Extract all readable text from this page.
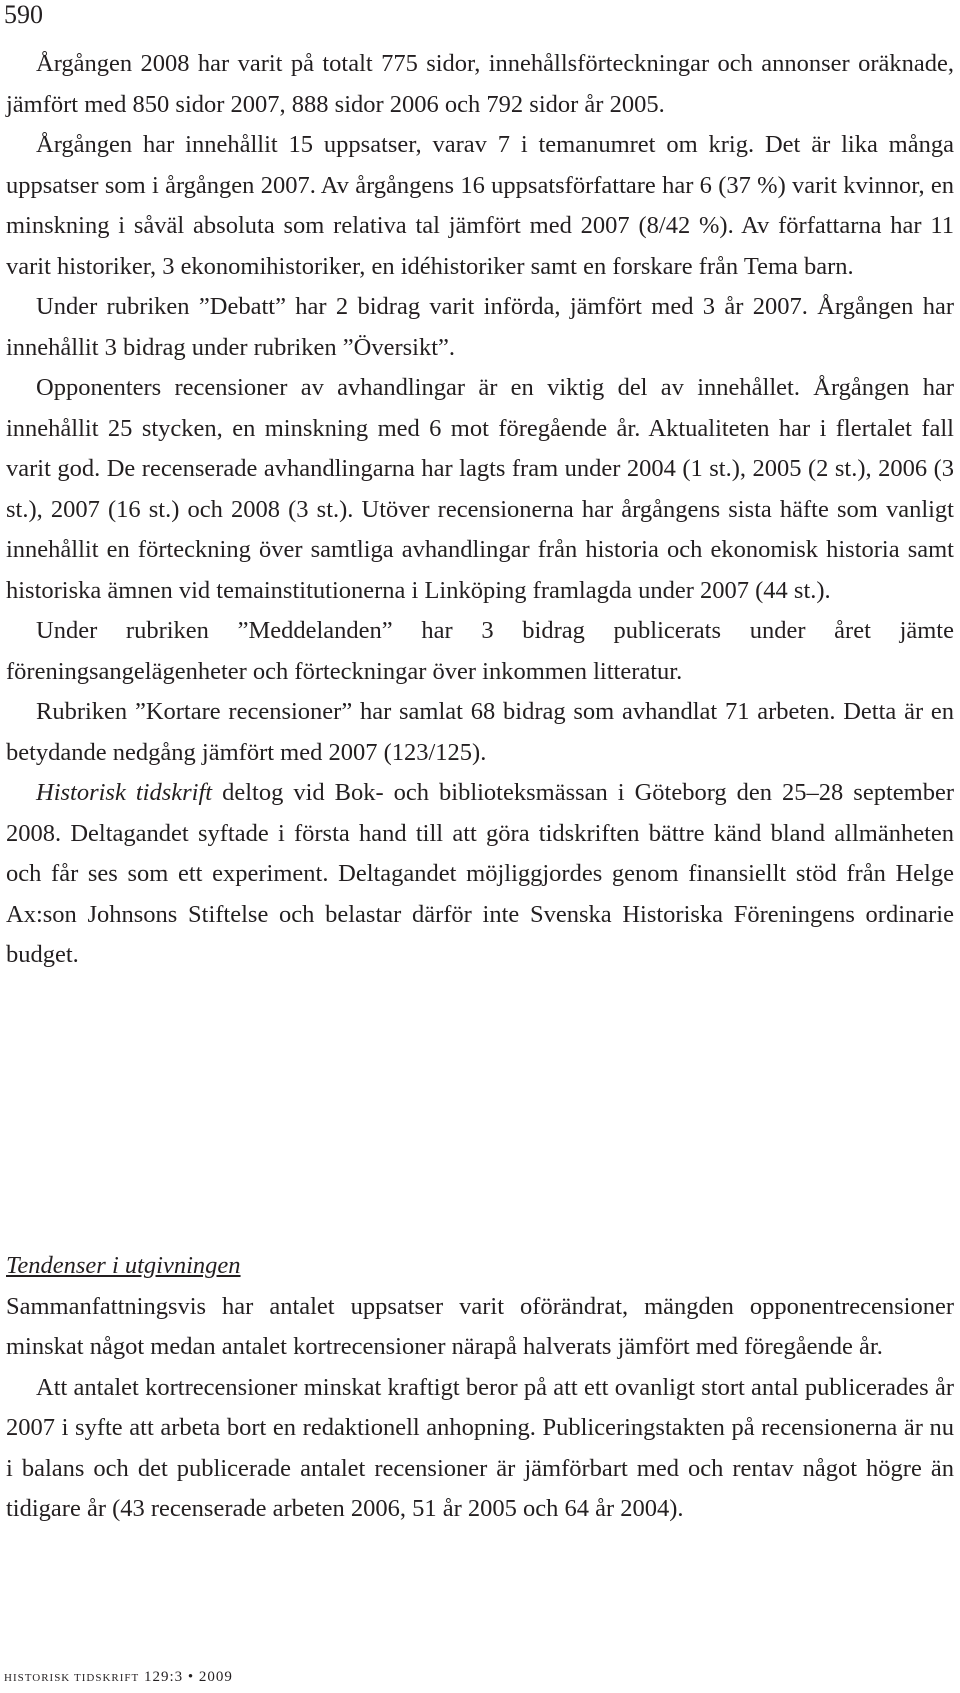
590

Årgången 2008 har varit på totalt 775 sidor, innehållsförteckningar och annonser oräknade, jämfört med 850 sidor 2007, 888 sidor 2006 och 792 sidor år 2005.

Årgången har innehållit 15 uppsatser, varav 7 i temanumret om krig. Det är lika många uppsatser som i årgången 2007. Av årgångens 16 uppsatsförfattare har 6 (37 %) varit kvinnor, en minskning i såväl absoluta som relativa tal jämfört med 2007 (8/42 %). Av författarna har 11 varit historiker, 3 ekonomihistoriker, en idéhistoriker samt en forskare från Tema barn.

Under rubriken ”Debatt” har 2 bidrag varit införda, jämfört med 3 år 2007. Årgången har innehållit 3 bidrag under rubriken ”Översikt”.

Opponenters recensioner av avhandlingar är en viktig del av innehållet. Årgången har innehållit 25 stycken, en minskning med 6 mot föregående år. Aktualiteten har i flertalet fall varit god. De recenserade avhandlingarna har lagts fram under 2004 (1 st.), 2005 (2 st.), 2006 (3 st.), 2007 (16 st.) och 2008 (3 st.). Utöver recensionerna har årgångens sista häfte som vanligt innehållit en förteckning över samtliga avhandlingar från historia och ekonomisk historia samt historiska ämnen vid temainstitutionerna i Linköping framlagda under 2007 (44 st.).

Under rubriken ”Meddelanden” har 3 bidrag publicerats under året jämte föreningsangelägenheter och förteckningar över inkommen litteratur.

Rubriken ”Kortare recensioner” har samlat 68 bidrag som avhandlat 71 arbeten. Detta är en betydande nedgång jämfört med 2007 (123/125).

Historisk tidskrift deltog vid Bok- och biblioteksmässan i Göteborg den 25–28 september 2008. Deltagandet syftade i första hand till att göra tidskriften bättre känd bland allmänheten och får ses som ett experiment. Deltagandet möjliggjordes genom finansiellt stöd från Helge Ax:son Johnsons Stiftelse och belastar därför inte Svenska Historiska Föreningens ordinarie budget.

Tendenser i utgivningen

Sammanfattningsvis har antalet uppsatser varit oförändrat, mängden opponentrecensioner minskat något medan antalet kortrecensioner närapå halverats jämfört med föregående år.

Att antalet kortrecensioner minskat kraftigt beror på att ett ovanligt stort antal publicerades år 2007 i syfte att arbeta bort en redaktionell anhopning. Publiceringstakten på recensionerna är nu i balans och det publicerade antalet recensioner är jämförbart med och rentav något högre än tidigare år (43 recenserade arbeten 2006, 51 år 2005 och 64 år 2004).

historisk tidskrift 129:3 • 2009
